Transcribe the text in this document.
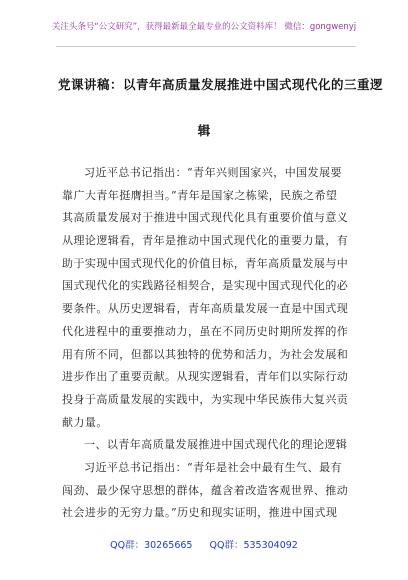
关注头条号“公文研究”，获得最新最全最专业的公文资料库！ 微信：gongwenyj
党课讲稿：以青年高质量发展推进中国式现代化的三重逻
辑
习近平总书记指出：“青年兴则国家兴，中国发展要
靠广大青年挺膺担当。”青年是国家之栋梁，民族之希望
其高质量发展对于推进中国式现代化具有重要价值与意义
从理论逻辑看，青年是推动中国式现代化的重要力量，有
助于实现中国式现代化的价值目标，青年高质量发展与中
国式现代化的实践路径相契合，是实现中国式现代化的必
要条件。从历史逻辑看，青年高质量发展一直是中国式现
代化进程中的重要推动力，虽在不同历史时期所发挥的作
用有所不同，但都以其独特的优势和活力，为社会发展和
进步作出了重要贡献。从现实逻辑看，青年们以实际行动
投身于高质量发展的实践中，为实现中华民族伟大复兴贡
献力量。
一、以青年高质量发展推进中国式现代化的理论逻辑
习近平总书记指出：“青年是社会中最有生气、最有
闯劲、最少保守思想的群体，蕴含着改造客观世界、推动
社会进步的无穷力量。”历史和现实证明，推进中国式现
QQ群：30265665 QQ群：535304092
